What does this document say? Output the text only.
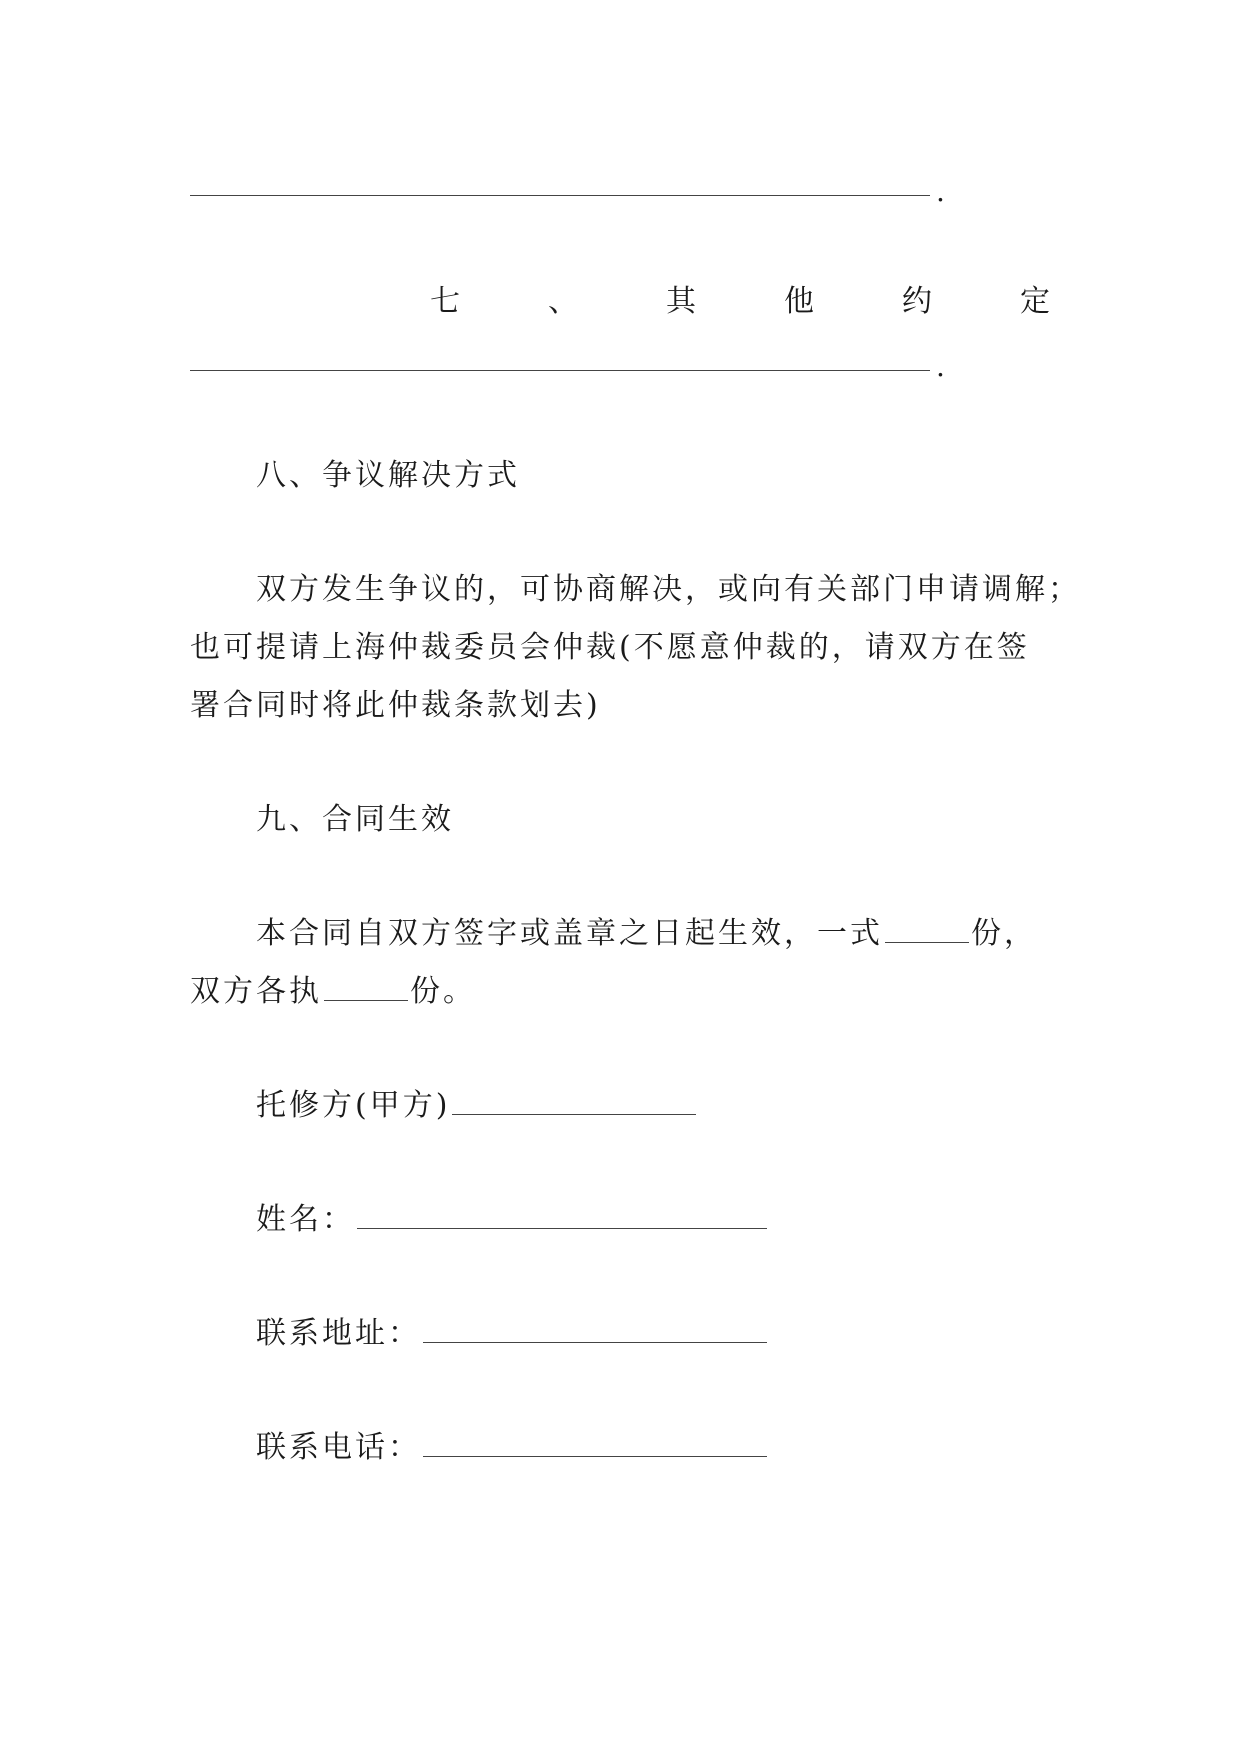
.
七	、	其	他	约	定
.
八、争议解决方式
双方发生争议的，可协商解决，或向有关部门申请调解；
也可提请上海仲裁委员会仲裁(不愿意仲裁的，请双方在签
署合同时将此仲裁条款划去)
九、合同生效
本合同自双方签字或盖章之日起生效，一式	份，
双方各执	份。
托修方(甲方)
姓名：
联系地址：
联系电话：
